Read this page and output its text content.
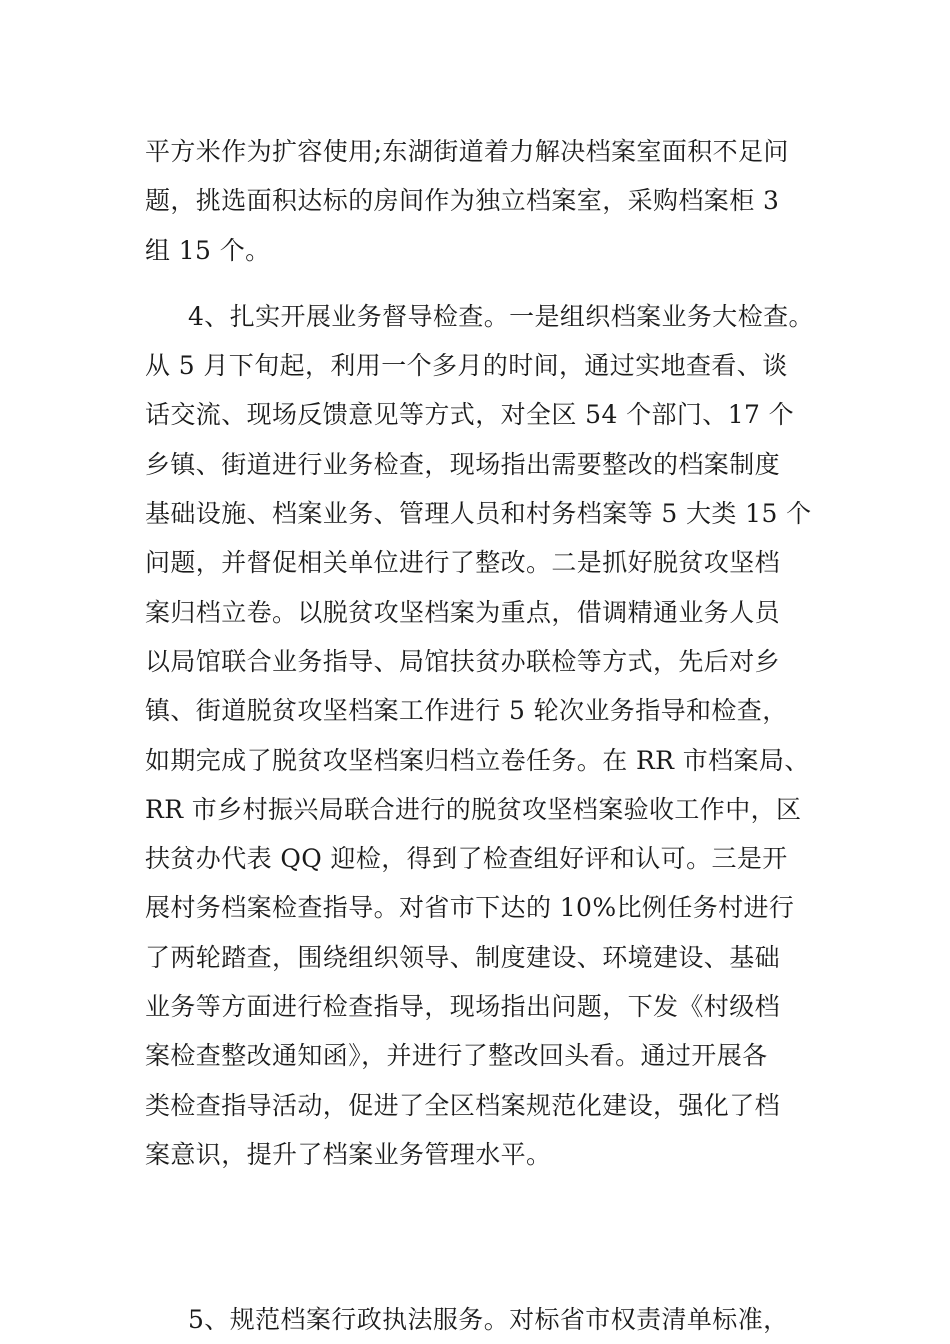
平方米作为扩容使用;东湖街道着力解决档案室面积不足问
题，挑选面积达标的房间作为独立档案室，采购档案柜 3
组 15 个。
4、扎实开展业务督导检查。一是组织档案业务大检查。
从 5 月下旬起，利用一个多月的时间，通过实地查看、谈
话交流、现场反馈意见等方式，对全区 54 个部门、17 个
乡镇、街道进行业务检查，现场指出需要整改的档案制度
基础设施、档案业务、管理人员和村务档案等 5 大类 15 个
问题，并督促相关单位进行了整改。二是抓好脱贫攻坚档
案归档立卷。以脱贫攻坚档案为重点，借调精通业务人员
以局馆联合业务指导、局馆扶贫办联检等方式，先后对乡
镇、街道脱贫攻坚档案工作进行 5 轮次业务指导和检查，
如期完成了脱贫攻坚档案归档立卷任务。在 RR 市档案局、
RR 市乡村振兴局联合进行的脱贫攻坚档案验收工作中，区
扶贫办代表 QQ 迎检，得到了检查组好评和认可。三是开
展村务档案检查指导。对省市下达的 10%比例任务村进行
了两轮踏查，围绕组织领导、制度建设、环境建设、基础
业务等方面进行检查指导，现场指出问题，下发《村级档
案检查整改通知函》，并进行了整改回头看。通过开展各
类检查指导活动，促进了全区档案规范化建设，强化了档
案意识，提升了档案业务管理水平。
5、规范档案行政执法服务。对标省市权责清单标准，
